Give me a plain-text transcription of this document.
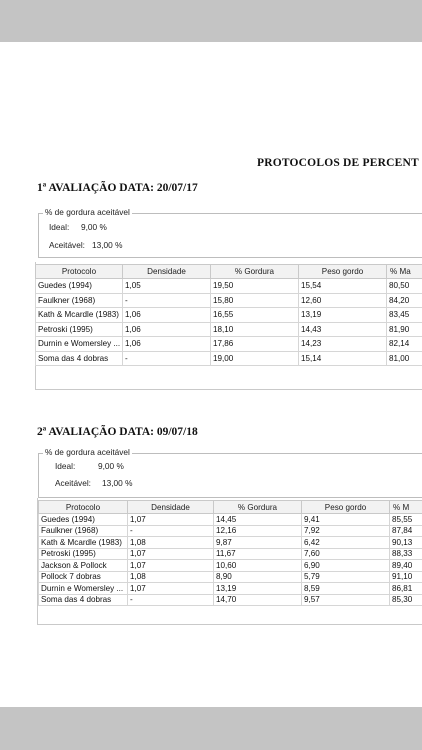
PROTOCOLOS DE PERCENT
1ª AVALIAÇÃO DATA: 20/07/17
% de gordura aceitável
Ideal: 9,00 %
Aceitável: 13,00 %
Protocolo	Densidade	% Gordura	Peso gordo	% Ma
Guedes (1994)	1,05	19,50	15,54	80,50
Faulkner (1968)	-	15,80	12,60	84,20
Kath & Mcardle (1983)	1,06	16,55	13,19	83,45
Petroski (1995)	1,06	18,10	14,43	81,90
Durnin e Womersley ...	1,06	17,86	14,23	82,14
Soma das 4 dobras	-	19,00	15,14	81,00
2ª AVALIAÇÃO DATA: 09/07/18
% de gordura aceitável
Ideal:	9,00 %
Aceitável: 13,00 %
Protocolo	Densidade	% Gordura	Peso gordo	% M
Guedes (1994)	1,07	14,45	9,41	85,55
Faulkner (1968)	-	12,16	7,92	87,84
Kath & Mcardle (1983)	1,08	9,87	6,42	90,13
Petroski (1995)	1,07	11,67	7,60	88,33
Jackson & Pollock	1,07	10,60	6,90	89,40
Pollock 7 dobras	1,08	8,90	5,79	91,10
Durnin e Womersley ...	1,07	13,19	8,59	86,81
Soma das 4 dobras	-	14,70	9,57	85,30
